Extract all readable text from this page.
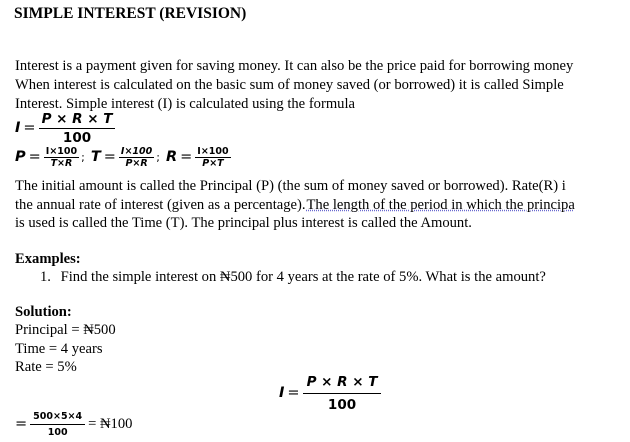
SIMPLE INTEREST (REVISION)
Interest is a payment given for saving money. It can also be the price paid for borrowing money
When interest is calculated on the basic sum of money saved (or borrowed) it is called Simple
Interest. Simple interest (I) is calculated using the formula
$I = \frac{P \times R \times T}{100}$
$P = \frac{I\times 100}{T\times R}$ ; $T = \frac{I\times 100}{P\times R}$ ; $R = \frac{I\times 100}{P\times T}$
The initial amount is called the Principal (P) (the sum of money saved or borrowed). Rate(R) i
the annual rate of interest (given as a percentage).The length of the period in which the principa
is used is called the Time (T). The principal plus interest is called the Amount.
Examples:
1. Find the simple interest on ₦500 for 4 years at the rate of 5%. What is the amount?
Solution:
Principal = ₦500
Time = 4 years
Rate = 5%
$I = \frac{P \times R \times T}{100}$
= $\frac{500\times 5\times 4}{100}$ = ₦100
